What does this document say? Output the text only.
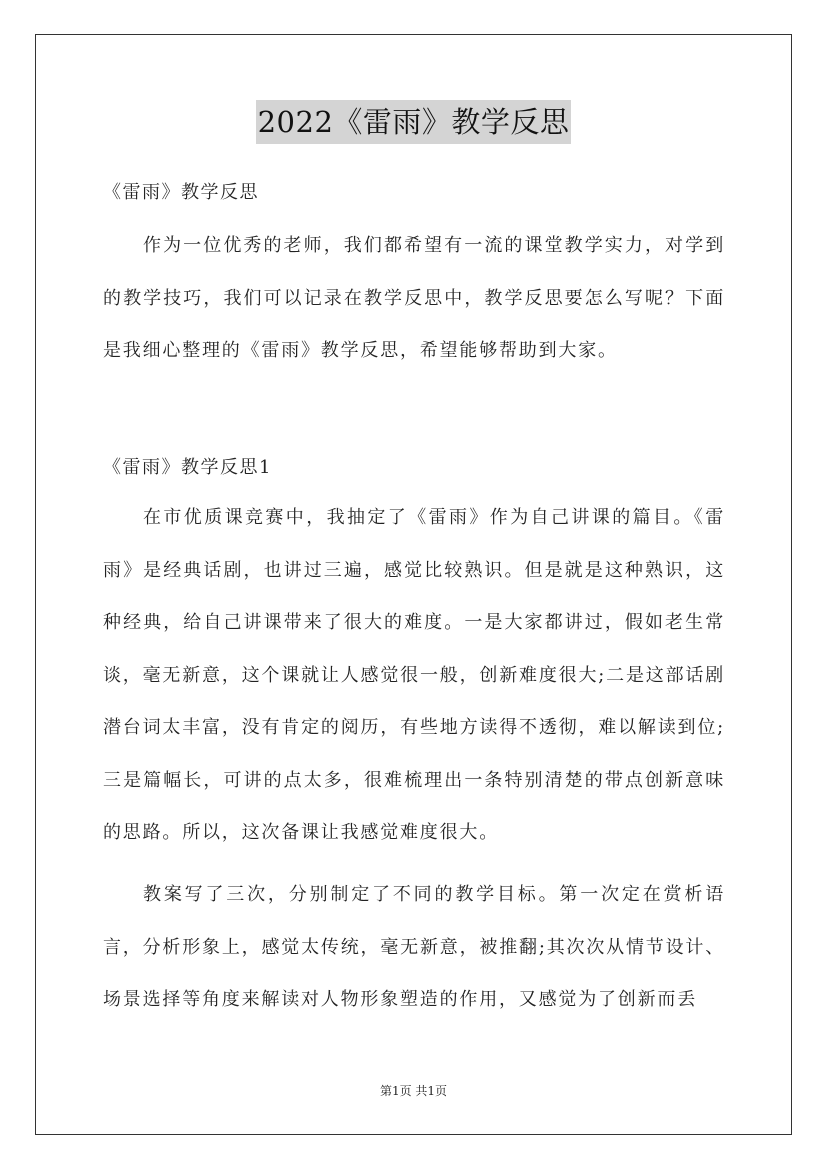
2022《雷雨》教学反思
《雷雨》教学反思

作为一位优秀的老师，我们都希望有一流的课堂教学实力，对学到的教学技巧，我们可以记录在教学反思中，教学反思要怎么写呢？下面是我细心整理的《雷雨》教学反思，希望能够帮助到大家。

《雷雨》教学反思1

在市优质课竞赛中，我抽定了《雷雨》作为自己讲课的篇目。《雷雨》是经典话剧，也讲过三遍，感觉比较熟识。但是就是这种熟识，这种经典，给自己讲课带来了很大的难度。一是大家都讲过，假如老生常谈，毫无新意，这个课就让人感觉很一般，创新难度很大;二是这部话剧潜台词太丰富，没有肯定的阅历，有些地方读得不透彻，难以解读到位;三是篇幅长，可讲的点太多，很难梳理出一条特别清楚的带点创新意味的思路。所以，这次备课让我感觉难度很大。

教案写了三次，分别制定了不同的教学目标。第一次定在赏析语言，分析形象上，感觉太传统，毫无新意，被推翻;其次次从情节设计、场景选择等角度来解读对人物形象塑造的作用，又感觉为了创新而丢

第1页 共1页
